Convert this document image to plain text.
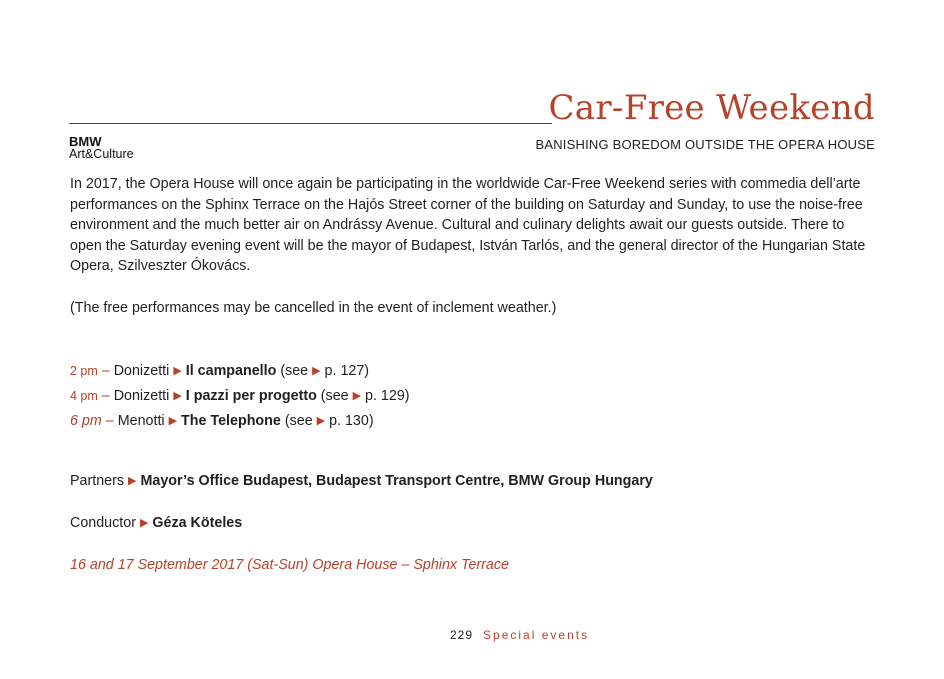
Car-Free Weekend
BMW
Art&Culture
BANISHING BOREDOM OUTSIDE THE OPERA HOUSE
In 2017, the Opera House will once again be participating in the worldwide Car-Free Weekend series with commedia dell’arte performances on the Sphinx Terrace on the Hajós Street corner of the building on Saturday and Sunday, to use the noise-free environment and the much better air on Andrássy Avenue. Cultural and culinary delights await our guests outside. There to open the Saturday evening event will be the mayor of Budapest, István Tarlós, and the general director of the Hungarian State Opera, Szilveszter Ókovács.
(The free performances may be cancelled in the event of inclement weather.)
2 pm – Donizetti ▶ Il campanello (see ▶ p. 127)
4 pm – Donizetti ▶ I pazzi per progetto (see ▶ p. 129)
6 pm – Menotti ▶ The Telephone (see ▶ p. 130)
Partners ▶ Mayor’s Office Budapest, Budapest Transport Centre, BMW Group Hungary
Conductor ▶ Géza Köteles
16 and 17 September 2017 (Sat-Sun) Opera House – Sphinx Terrace
229 Special events
